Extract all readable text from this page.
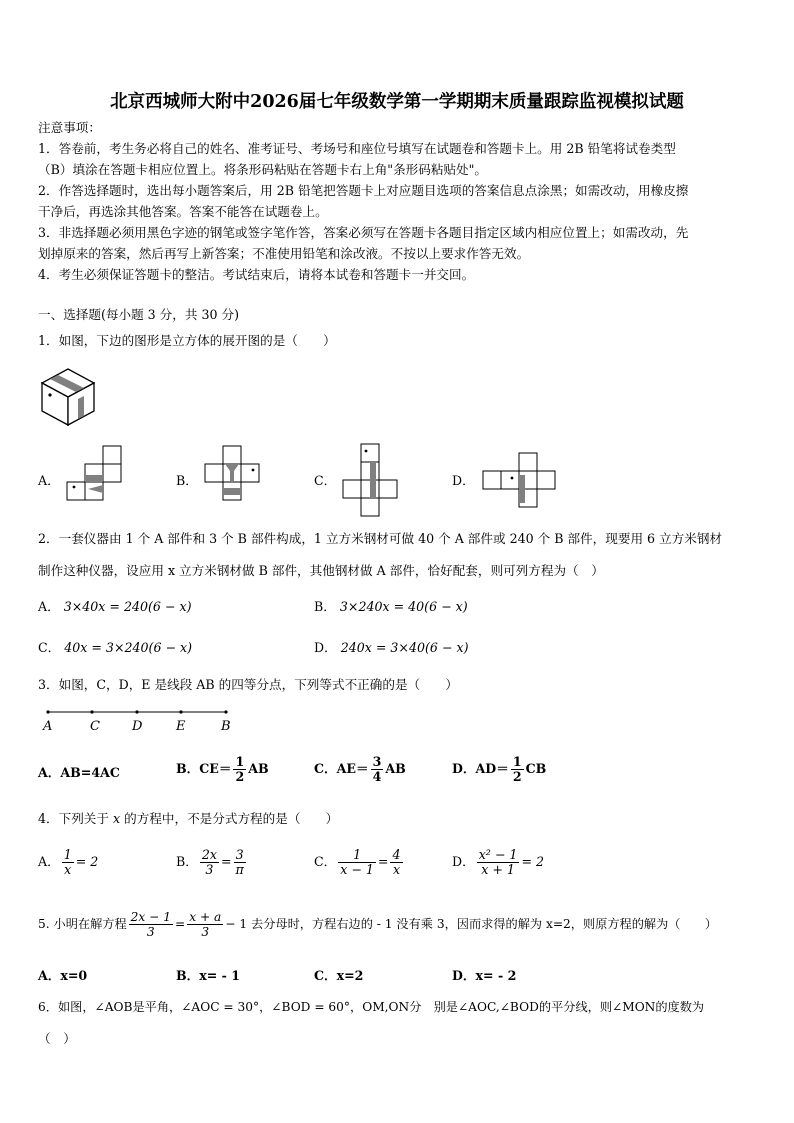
北京西城师大附中2026届七年级数学第一学期期末质量跟踪监视模拟试题
注意事项：
1．答卷前，考生务必将自己的姓名、准考证号、考场号和座位号填写在试题卷和答题卡上。用 2B 铅笔将试卷类型
（B）填涂在答题卡相应位置上。将条形码粘贴在答题卡右上角"条形码粘贴处"。
2．作答选择题时，选出每小题答案后，用 2B 铅笔把答题卡上对应题目选项的答案信息点涂黑；如需改动，用橡皮擦
干净后，再选涂其他答案。答案不能答在试题卷上。
3．非选择题必须用黑色字迹的钢笔或签字笔作答，答案必须写在答题卡各题目指定区域内相应位置上；如需改动，先
划掉原来的答案，然后再写上新答案；不准使用铅笔和涂改液。不按以上要求作答无效。
4．考生必须保证答题卡的整洁。考试结束后，请将本试卷和答题卡一并交回。
一、选择题(每小题 3 分，共 30 分)
1．如图，下边的图形是立方体的展开图的是（　　）
A．	B．	C．	D．
2．一套仪器由 1 个 A 部件和 3 个 B 部件构成，1 立方米钢材可做 40 个 A 部件或 240 个 B 部件，现要用 6 立方米钢材
制作这种仪器，设应用 x 立方米钢材做 B 部件，其他钢材做 A 部件，恰好配套，则可列方程为（　）
A． 3×40x = 240(6 − x)	B． 3×240x = 40(6 − x)
C． 40x = 3×240(6 − x)	D． 240x = 3×40(6 − x)
3．如图，C，D，E 是线段 AB 的四等分点，下列等式不正确的是（　　）
A	C D	E	B
A．AB=4AC	B．$CE= \frac{1}{2}$ AB	C．$AE= \frac{3}{4}$ AB	D．$AD= \frac{1}{2}$ CB
4．下列关于 x 的方程中，不是分式方程的是（　　）
A． $\frac{1}{x} = 2$	B． $\frac{2x}{3} = \frac{3}{\pi}$	C． $\frac{1}{x - 1} = \frac{4}{x}$	D． $\frac{\text{x² − 1}}{x + 1} = 2$
5. 小明在解方程 $\frac{2x - 1}{3} = \frac{x + a}{3} - 1$ 去分母时，方程右边的 - 1 没有乘 3，因而求得的解为 x=2，则原方程的解为（　　）
A．x=0	B．x= - 1	C．x=2	D．x= - 2
6．如图，∠AOB是平角，∠AOC = 30°，∠BOD = 60°，OM,ON分　别是∠AOC,∠BOD的平分线，则∠MON的度数为
（　）
